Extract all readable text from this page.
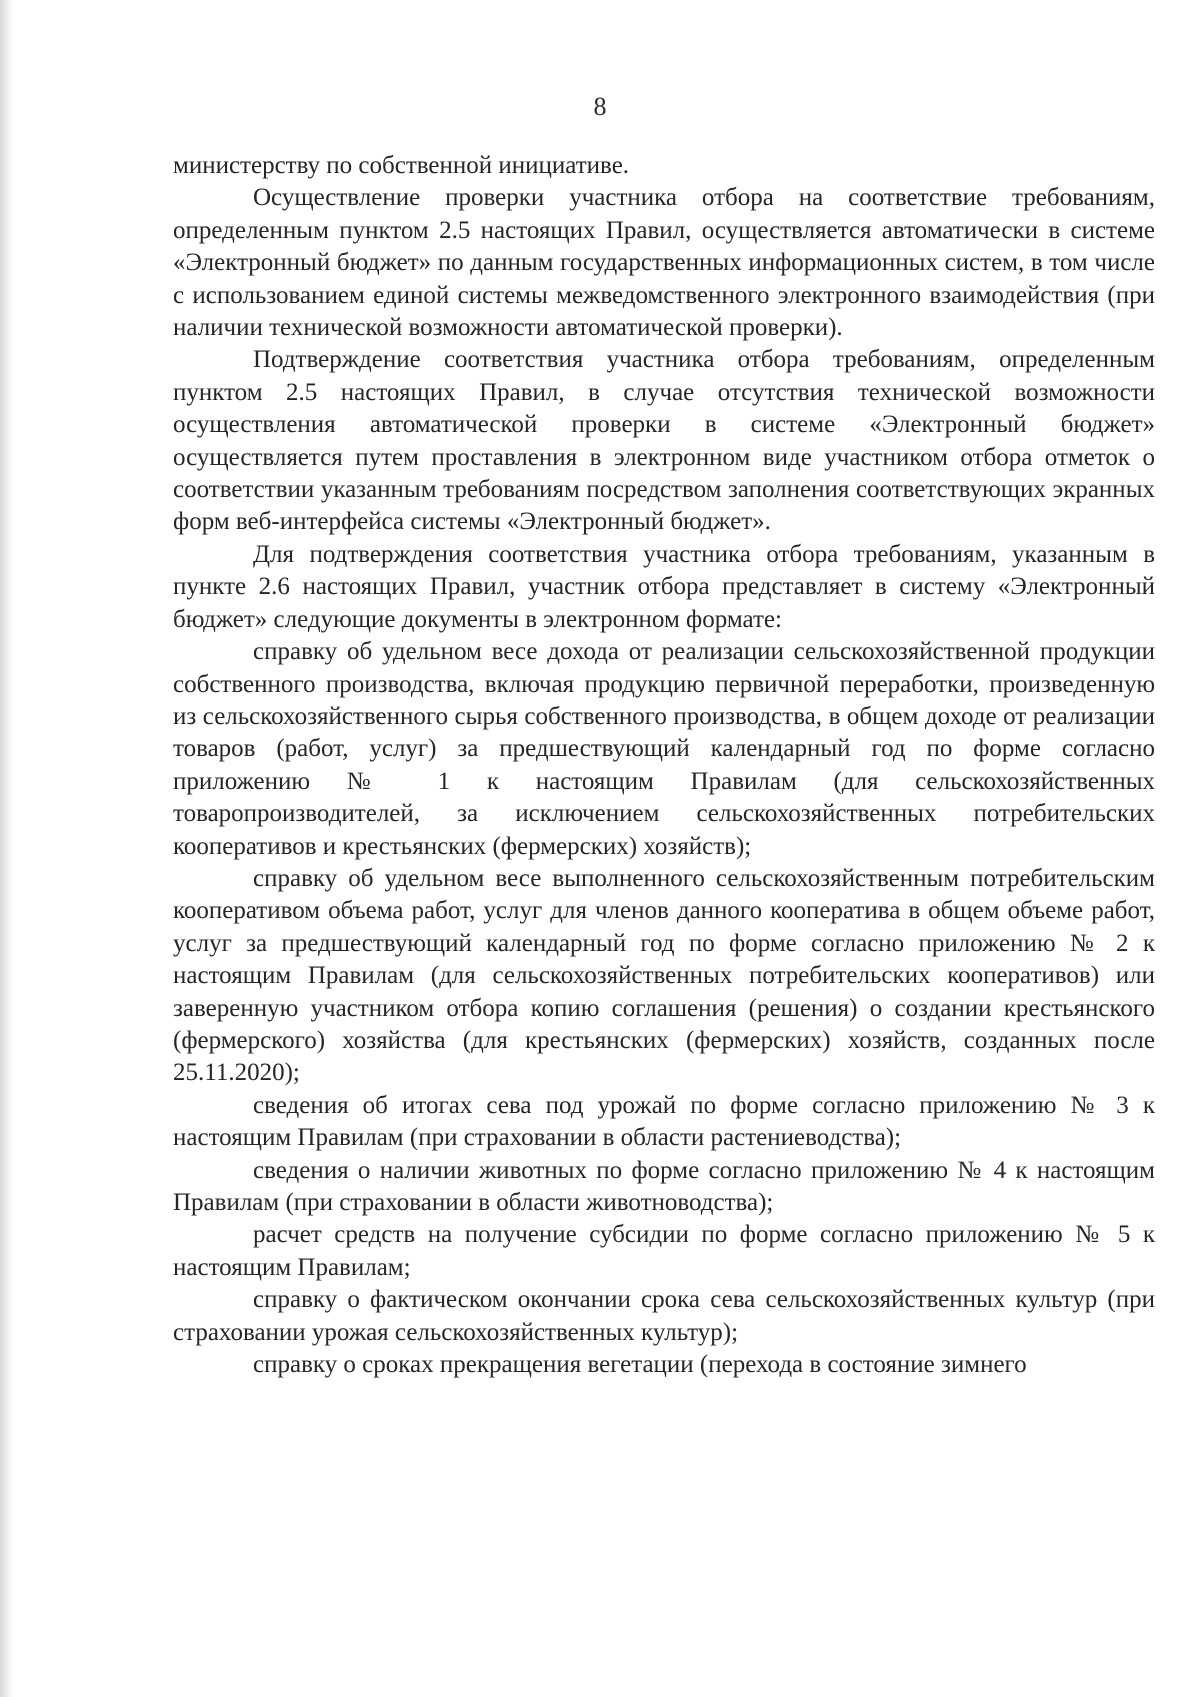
8

министерству по собственной инициативе.

Осуществление проверки участника отбора на соответствие требованиям, определенным пунктом 2.5 настоящих Правил, осуществляется автоматически в системе «Электронный бюджет» по данным государственных информационных систем, в том числе с использованием единой системы межведомственного электронного взаимодействия (при наличии технической возможности автоматической проверки).

Подтверждение соответствия участника отбора требованиям, определенным пунктом 2.5 настоящих Правил, в случае отсутствия технической возможности осуществления автоматической проверки в системе «Электронный бюджет» осуществляется путем проставления в электронном виде участником отбора отметок о соответствии указанным требованиям посредством заполнения соответствующих экранных форм веб-интерфейса системы «Электронный бюджет».

Для подтверждения соответствия участника отбора требованиям, указанным в пункте 2.6 настоящих Правил, участник отбора представляет в систему «Электронный бюджет» следующие документы в электронном формате:

справку об удельном весе дохода от реализации сельскохозяйственной продукции собственного производства, включая продукцию первичной переработки, произведенную из сельскохозяйственного сырья собственного производства, в общем доходе от реализации товаров (работ, услуг) за предшествующий календарный год по форме согласно приложению № 1 к настоящим Правилам (для сельскохозяйственных товаропроизводителей, за исключением сельскохозяйственных потребительских кооперативов и крестьянских (фермерских) хозяйств);

справку об удельном весе выполненного сельскохозяйственным потребительским кооперативом объема работ, услуг для членов данного кооператива в общем объеме работ, услуг за предшествующий календарный год по форме согласно приложению № 2 к настоящим Правилам (для сельскохозяйственных потребительских кооперативов) или заверенную участником отбора копию соглашения (решения) о создании крестьянского (фермерского) хозяйства (для крестьянских (фермерских) хозяйств, созданных после 25.11.2020);

сведения об итогах сева под урожай по форме согласно приложению № 3 к настоящим Правилам (при страховании в области растениеводства);

сведения о наличии животных по форме согласно приложению № 4 к настоящим Правилам (при страховании в области животноводства);

расчет средств на получение субсидии по форме согласно приложению № 5 к настоящим Правилам;

справку о фактическом окончании срока сева сельскохозяйственных культур (при страховании урожая сельскохозяйственных культур);

справку о сроках прекращения вегетации (перехода в состояние зимнего
